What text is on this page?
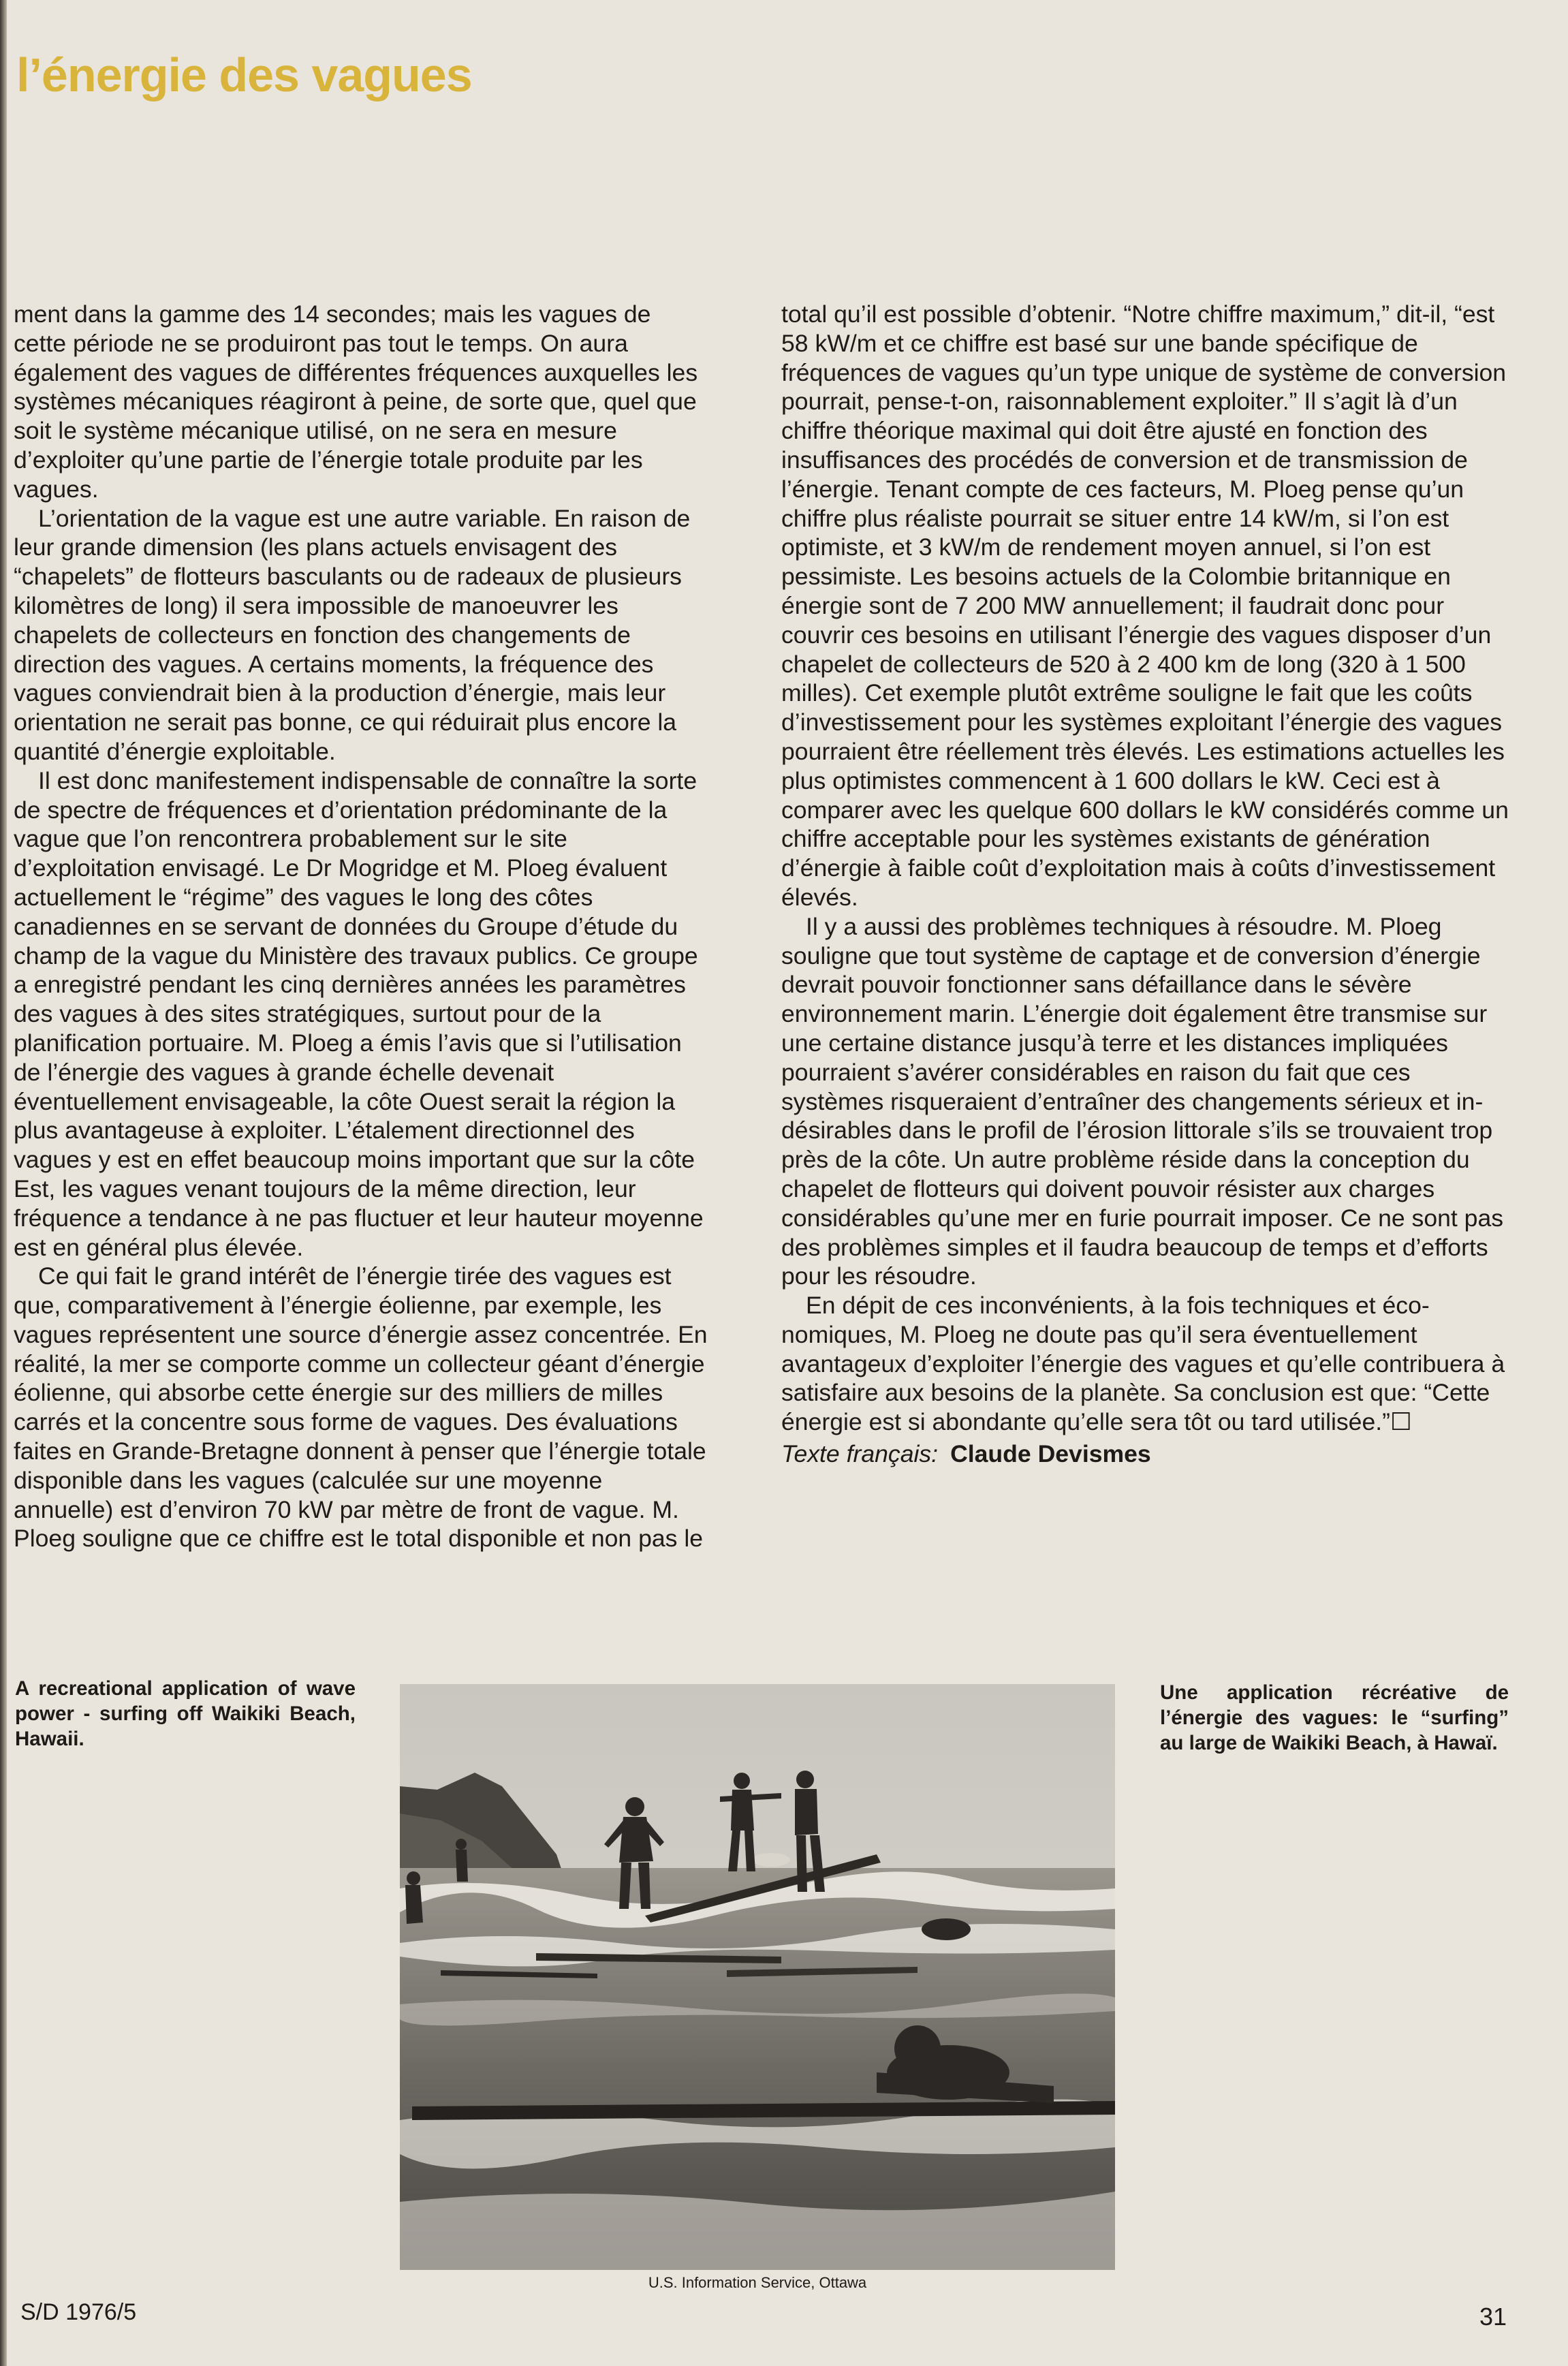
l’énergie des vagues

ment dans la gamme des 14 secondes; mais les vagues de cette période ne se produiront pas tout le temps. On aura également des vagues de différentes fréquences auxquelles les systèmes mécaniques réagiront à peine, de sorte que, quel que soit le système mécanique utilisé, on ne sera en mesure d’exploiter qu’une partie de l’énergie totale produite par les vagues.

L’orientation de la vague est une autre variable. En raison de leur grande dimension (les plans actuels envisagent des “chapelets” de flotteurs basculants ou de radeaux de plusieurs kilomètres de long) il sera impossible de manoeuvrer les chapelets de collecteurs en fonction des changements de direction des vagues. A certains moments, la fréquence des vagues conviendrait bien à la production d’énergie, mais leur orientation ne serait pas bonne, ce qui réduirait plus encore la quantité d’énergie exploitable.

Il est donc manifestement indispensable de connaître la sorte de spectre de fréquences et d’orientation prédominante de la vague que l’on rencontrera probablement sur le site d’exploitation envisagé. Le Dr Mogridge et M. Ploeg évaluent actuellement le “régime” des vagues le long des côtes canadiennes en se servant de données du Groupe d’étude du champ de la vague du Ministère des travaux publics. Ce groupe a enregistré pendant les cinq dernières années les paramètres des vagues à des sites stratégiques, surtout pour de la planification portuaire. M. Ploeg a émis l’avis que si l’utilisation de l’énergie des vagues à grande échelle devenait éventuellement envisageable, la côte Ouest serait la région la plus avantageuse à exploiter. L’étalement directionnel des vagues y est en effet beaucoup moins important que sur la côte Est, les vagues venant toujours de la même direction, leur fréquence a tendance à ne pas fluctuer et leur hauteur moyenne est en général plus élevée.

Ce qui fait le grand intérêt de l’énergie tirée des vagues est que, comparativement à l’énergie éolienne, par exemple, les vagues représentent une source d’énergie assez concentrée. En réalité, la mer se comporte comme un collecteur géant d’énergie éolienne, qui absorbe cette énergie sur des milliers de milles carrés et la concentre sous forme de vagues. Des évaluations faites en Grande-Bretagne donnent à penser que l’énergie totale disponible dans les vagues (calculée sur une moyenne annuelle) est d’environ 70 kW par mètre de front de vague. M. Ploeg souligne que ce chiffre est le total disponible et non pas le

total qu’il est possible d’obtenir. “Notre chiffre maximum,” dit-il, “est 58 kW/m et ce chiffre est basé sur une bande spécifique de fréquences de vagues qu’un type unique de système de conversion pourrait, pense-t-on, raisonnablement exploiter.” Il s’agit là d’un chiffre théorique maximal qui doit être ajusté en fonction des insuffisances des procédés de conversion et de transmission de l’énergie. Tenant compte de ces facteurs, M. Ploeg pense qu’un chiffre plus réaliste pourrait se situer entre 14 kW/m, si l’on est optimiste, et 3 kW/m de rendement moyen annuel, si l’on est pessimiste. Les besoins actuels de la Colombie britannique en énergie sont de 7 200 MW annuellement; il faudrait donc pour couvrir ces besoins en utilisant l’énergie des vagues disposer d’un chapelet de collecteurs de 520 à 2 400 km de long (320 à 1 500 milles). Cet exemple plutôt extrême souligne le fait que les coûts d’investissement pour les systèmes exploitant l’énergie des vagues pourraient être réellement très élevés. Les estimations actuelles les plus optimistes commencent à 1 600 dollars le kW. Ceci est à comparer avec les quelque 600 dollars le kW considérés comme un chiffre acceptable pour les systèmes existants de génération d’énergie à faible coût d’exploitation mais à coûts d’investissement élevés.

Il y a aussi des problèmes techniques à résoudre. M. Ploeg souligne que tout système de captage et de conversion d’énergie devrait pouvoir fonctionner sans défaillance dans le sévère environnement marin. L’énergie doit également être transmise sur une certaine distance jusqu’à terre et les distances impliquées pourraient s’avérer considérables en raison du fait que ces systèmes risqueraient d’entraîner des changements sérieux et indésirables dans le profil de l’érosion littorale s’ils se trouvaient trop près de la côte. Un autre problème réside dans la conception du chapelet de flotteurs qui doivent pouvoir résister aux charges considérables qu’une mer en furie pourrait imposer. Ce ne sont pas des problèmes simples et il faudra beaucoup de temps et d’efforts pour les résoudre.

En dépit de ces inconvénients, à la fois techniques et économiques, M. Ploeg ne doute pas qu’il sera éventuellement avantageux d’exploiter l’énergie des vagues et qu’elle contribuera à satisfaire aux besoins de la planète. Sa conclusion est que: “Cette énergie est si abondante qu’elle sera tôt ou tard utilisée.”☐

Texte français: Claude Devismes

A recreational application of wave power - surfing off Waikiki Beach, Hawaii.

Une application récréative de l’énergie des vagues: le “surfing” au large de Waikiki Beach, à Hawaï.

U.S. Information Service, Ottawa

S/D 1976/5	31
